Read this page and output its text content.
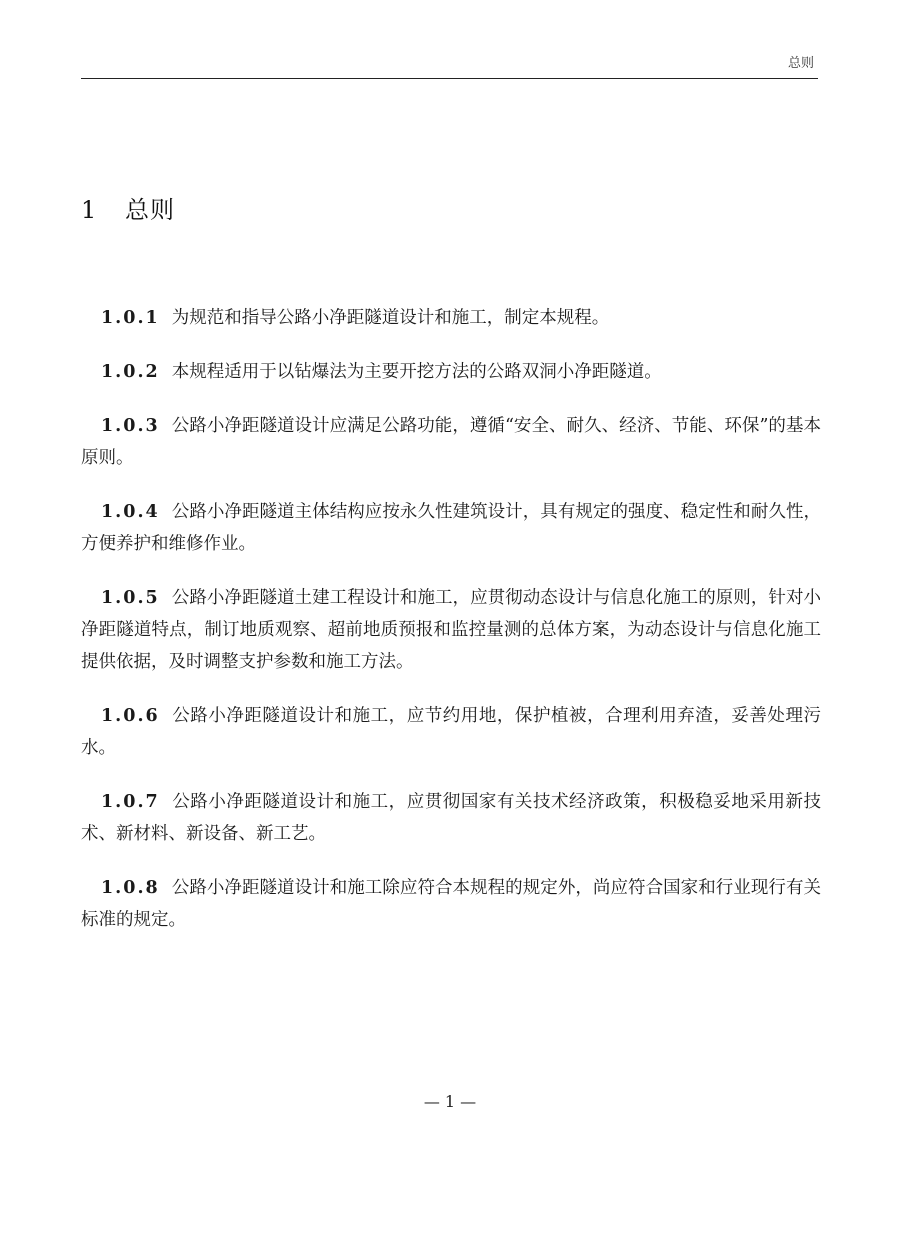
总则
1 总则

1.0.1 为规范和指导公路小净距隧道设计和施工，制定本规程。

1.0.2 本规程适用于以钻爆法为主要开挖方法的公路双洞小净距隧道。

1.0.3 公路小净距隧道设计应满足公路功能，遵循“安全、耐久、经济、节能、环保”的基本原则。

1.0.4 公路小净距隧道主体结构应按永久性建筑设计，具有规定的强度、稳定性和耐久性，方便养护和维修作业。

1.0.5 公路小净距隧道土建工程设计和施工，应贯彻动态设计与信息化施工的原则，针对小净距隧道特点，制订地质观察、超前地质预报和监控量测的总体方案，为动态设计与信息化施工提供依据，及时调整支护参数和施工方法。

1.0.6 公路小净距隧道设计和施工，应节约用地，保护植被，合理利用弃渣，妥善处理污水。

1.0.7 公路小净距隧道设计和施工，应贯彻国家有关技术经济政策，积极稳妥地采用新技术、新材料、新设备、新工艺。

1.0.8 公路小净距隧道设计和施工除应符合本规程的规定外，尚应符合国家和行业现行有关标准的规定。

— 1 —
